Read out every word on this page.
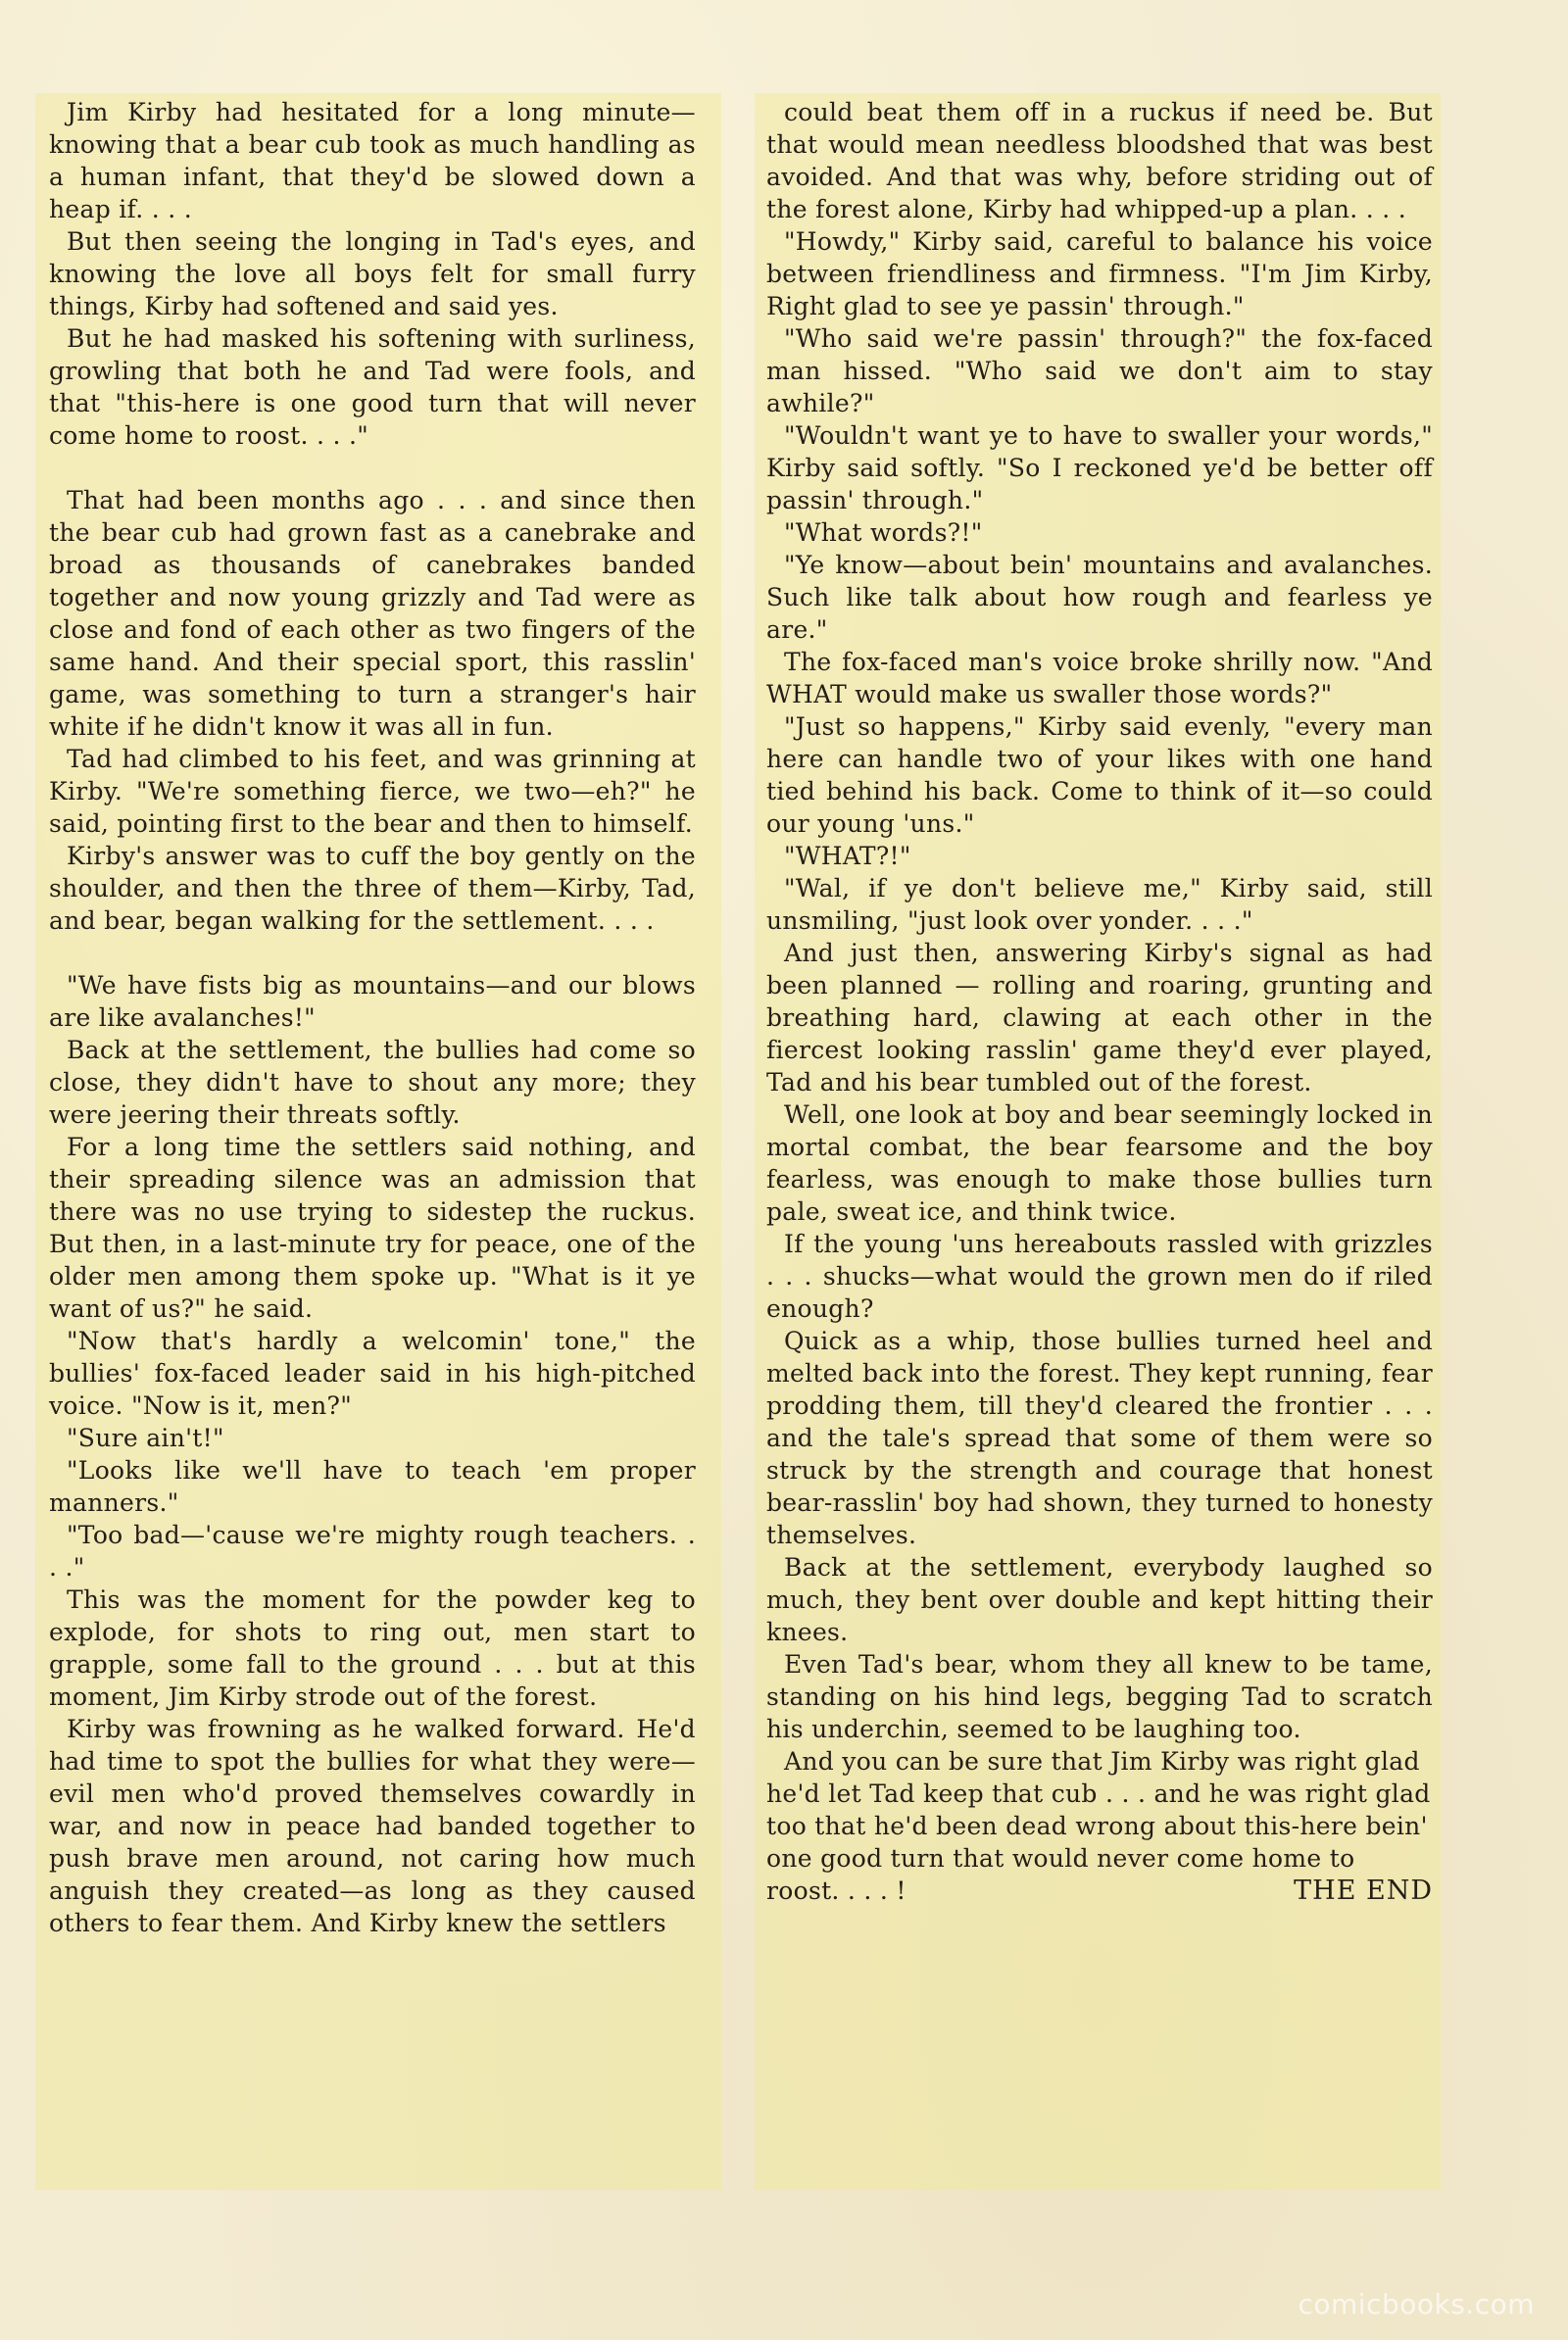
Jim Kirby had hesitated for a long minute—knowing that a bear cub took as much handling as a human infant, that they'd be slowed down a heap if. . . .

But then seeing the longing in Tad's eyes, and knowing the love all boys felt for small furry things, Kirby had softened and said yes.

But he had masked his softening with surliness, growling that both he and Tad were fools, and that "this-here is one good turn that will never come home to roost. . . ."

That had been months ago . . . and since then the bear cub had grown fast as a canebrake and broad as thousands of canebrakes banded together and now young grizzly and Tad were as close and fond of each other as two fingers of the same hand. And their special sport, this rasslin' game, was something to turn a stranger's hair white if he didn't know it was all in fun.

Tad had climbed to his feet, and was grinning at Kirby. "We're something fierce, we two—eh?" he said, pointing first to the bear and then to himself.

Kirby's answer was to cuff the boy gently on the shoulder, and then the three of them—Kirby, Tad, and bear, began walking for the settlement. . . .

"We have fists big as mountains—and our blows are like avalanches!"

Back at the settlement, the bullies had come so close, they didn't have to shout any more; they were jeering their threats softly.

For a long time the settlers said nothing, and their spreading silence was an admission that there was no use trying to sidestep the ruckus. But then, in a last-minute try for peace, one of the older men among them spoke up. "What is it ye want of us?" he said.

"Now that's hardly a welcomin' tone," the bullies' fox-faced leader said in his high-pitched voice. "Now is it, men?"

"Sure ain't!"

"Looks like we'll have to teach 'em proper manners."

"Too bad—'cause we're mighty rough teachers. . . ."

This was the moment for the powder keg to explode, for shots to ring out, men start to grapple, some fall to the ground . . . but at this moment, Jim Kirby strode out of the forest.

Kirby was frowning as he walked forward. He'd had time to spot the bullies for what they were—evil men who'd proved themselves cowardly in war, and now in peace had banded together to push brave men around, not caring how much anguish they created—as long as they caused others to fear them. And Kirby knew the settlers

could beat them off in a ruckus if need be. But that would mean needless bloodshed that was best avoided. And that was why, before striding out of the forest alone, Kirby had whipped-up a plan. . . .

"Howdy," Kirby said, careful to balance his voice between friendliness and firmness. "I'm Jim Kirby, Right glad to see ye passin' through."

"Who said we're passin' through?" the fox-faced man hissed. "Who said we don't aim to stay awhile?"

"Wouldn't want ye to have to swaller your words," Kirby said softly. "So I reckoned ye'd be better off passin' through."

"What words?!"

"Ye know—about bein' mountains and avalanches. Such like talk about how rough and fearless ye are."

The fox-faced man's voice broke shrilly now. "And WHAT would make us swaller those words?"

"Just so happens," Kirby said evenly, "every man here can handle two of your likes with one hand tied behind his back. Come to think of it—so could our young 'uns."

"WHAT?!"

"Wal, if ye don't believe me," Kirby said, still unsmiling, "just look over yonder. . . ."

And just then, answering Kirby's signal as had been planned — rolling and roaring, grunting and breathing hard, clawing at each other in the fiercest looking rasslin' game they'd ever played, Tad and his bear tumbled out of the forest.

Well, one look at boy and bear seemingly locked in mortal combat, the bear fearsome and the boy fearless, was enough to make those bullies turn pale, sweat ice, and think twice.

If the young 'uns hereabouts rassled with grizzles . . . shucks—what would the grown men do if riled enough?

Quick as a whip, those bullies turned heel and melted back into the forest. They kept running, fear prodding them, till they'd cleared the frontier . . . and the tale's spread that some of them were so struck by the strength and courage that honest bear-rasslin' boy had shown, they turned to honesty themselves.

Back at the settlement, everybody laughed so much, they bent over double and kept hitting their knees.

Even Tad's bear, whom they all knew to be tame, standing on his hind legs, begging Tad to scratch his underchin, seemed to be laughing too.

And you can be sure that Jim Kirby was right glad he'd let Tad keep that cub . . . and he was right glad too that he'd been dead wrong about this-here bein' one good turn that would never come home to roost. . . . !	THE END

comicbooks.com
